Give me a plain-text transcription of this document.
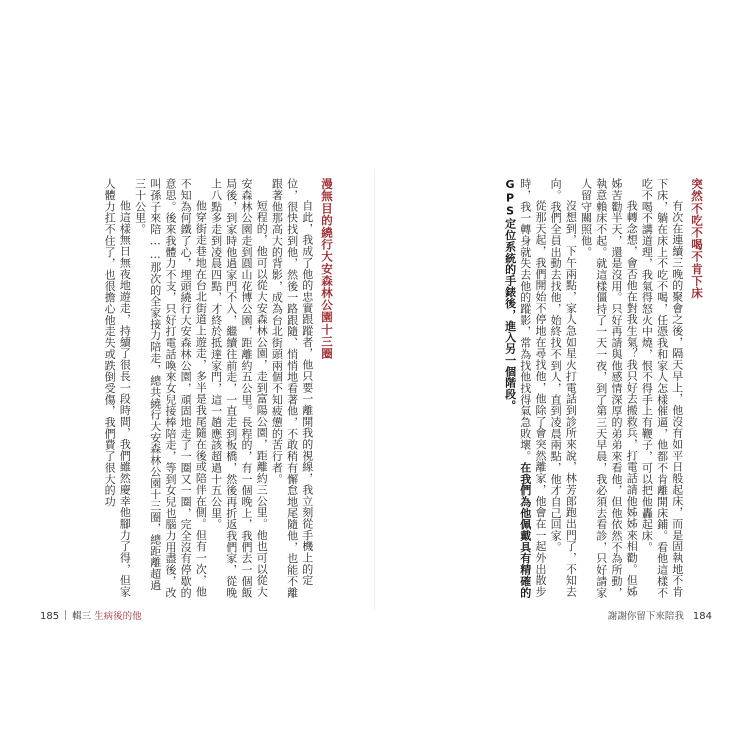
突然不吃不喝不肯下床

有次在連續三晚的聚會之後，隔天早上，他沒有如平日般起床，而是固執地不肯下床，躺在床上不吃不喝，任憑我和家人怎樣催逼，他都不肯離開床鋪。看他這樣不吃不喝不講道理，我氣得怒火中燒，恨不得手上有鞭子，可以把他轟起床。

我轉念想，會否他在對我生氣？我只好去搬救兵，打電話請他姊姊來相勸。但姊姊苦勸半天，還是沒用。只好再請與他感情深厚的弟弟來看他，但他依然不為所動，執意賴床不起。就這樣僵持了一天一夜，到了第三天早晨，我必須去看診，只好請家人留守關照他。

沒想到，下午兩點，家人急如星火打電話到診所來說，林芳郎跑出門了，不知去向。我們全員出動去找他，始終找不到人，直到凌晨兩點，他才自己回家。

從那天起，我們開始不停地在尋找他，他除了會突然離家，他會在一起外出散步時，我一轉身就失去他的蹤影，常為找他找得氣急敗壞。在我們為他佩戴具有精確的GPS定位系統的手錶後，進入另一個階段。

漫無目的繞行大安森林公園十三圈

自此，我成了他的忠實跟蹤者，他只要一離開我的視線，我立刻從手機上的定位，很快找到他，然後一路跟隨、悄悄地看著他，不敢稍有懈怠地尾隨他，也能不離跟著他那高大的背影，成為台北街頭兩個不知疲憊的苦行者。

短程的，他可以從大安森林公園，走到富陽公園，距離約三公里。他也可以從大安森林公園走到圓山花博公園，距離約五公里。長程的，有一個晚上，我們去一個飯局後，到家時他過家門不入，繼續往前走，一直走到板橋，然後再折返我們家，從晚上八點多走到凌晨四點，才終於抵達家門，這一趟應該超過十五公里。

他穿街走巷地在台北街道上遊走，多半是我尾隨在後或陪伴在側。但有一次，他不知為何鐵了心，埋頭繞行大安森林公園，頑固地走了一圈又一圈，完全沒有停歇的意思。後來我體力不支，只好打電話喚來女兒接棒陪走，等到女兒也腦力用盡後，改叫孫子來陪……那次的全家接力陪走，總共繞行大安森林公園十三圈，總距離超過三十公里。

他這樣無日無夜地遊走，持續了很長一段時間，我們雖然慶幸他腳力了得，但家人體力扛不住了，也很擔心他走失或跌倒受傷，我們費了很大的功

185 輯三 生病後的他	謝謝你留下來陪我 184
